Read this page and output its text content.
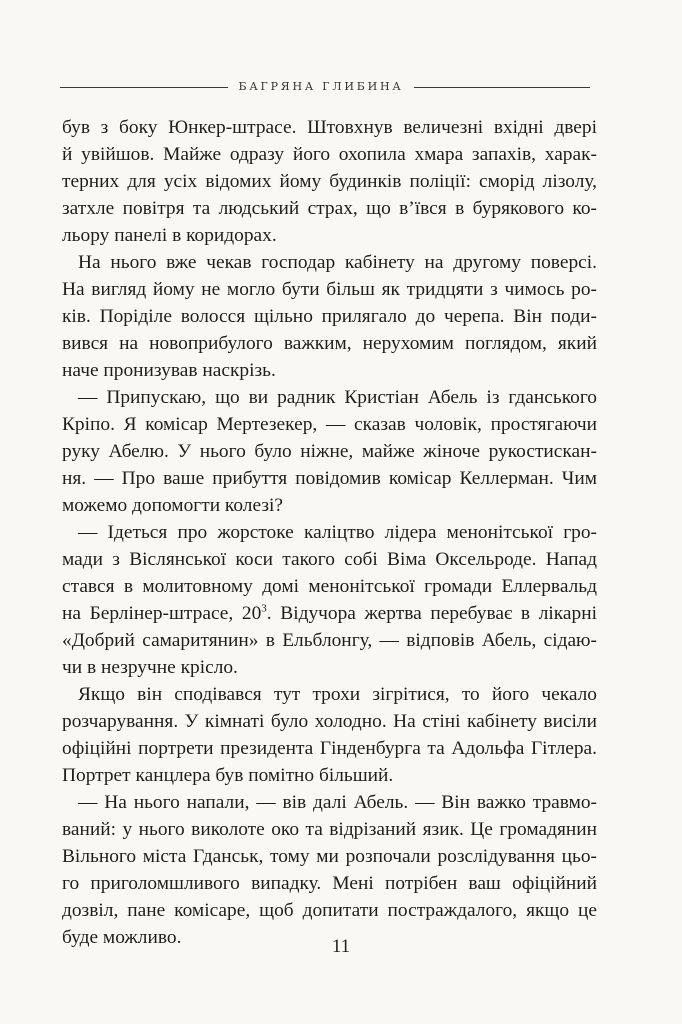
БАГРЯНА ГЛИБИНА
був з боку Юнкер-штрасе. Штовхнув величезні вхідні двері
й увійшов. Майже одразу його охопила хмара запахів, харак-
терних для усіх відомих йому будинків поліції: сморід лізолу,
затхле повітря та людський страх, що в’ївся в бурякового ко-
льору панелі в коридорах.
На нього вже чекав господар кабінету на другому поверсі.
На вигляд йому не могло бути більш як тридцяти з чимось ро-
ків. Поріділе волосся щільно прилягало до черепа. Він поди-
вився на новоприбулого важким, нерухомим поглядом, який
наче пронизував наскрізь.
— Припускаю, що ви радник Кристіан Абель із гданського
Кріпо. Я комісар Мертезекер, — сказав чоловік, простягаючи
руку Абелю. У нього було ніжне, майже жіноче рукостискан-
ня. — Про ваше прибуття повідомив комісар Келлерман. Чим
можемо допомогти колезі?
— Ідеться про жорстоке каліцтво лідера менонітської гро-
мади з Віслянської коси такого собі Віма Оксельроде. Напад
стався в молитовному домі менонітської громади Еллервальд
на Берлінер-штрасе, 20$^3$. Відучора жертва перебуває в лікарні
«Добрий самаритянин» в Ельблонгу, — відповів Абель, сідаю-
чи в незручне крісло.
Якщо він сподівався тут трохи зігрітися, то його чекало
розчарування. У кімнаті було холодно. На стіні кабінету висіли
офіційні портрети президента Гінденбурга та Адольфа Гітлера.
Портрет канцлера був помітно більший.
— На нього напали, — вів далі Абель. — Він важко травмо-
ваний: у нього виколоте око та відрізаний язик. Це громадянин
Вільного міста Гданськ, тому ми розпочали розслідування цьо-
го приголомшливого випадку. Мені потрібен ваш офіційний
дозвіл, пане комісаре, щоб допитати постраждалого, якщо це
буде можливо.	11
